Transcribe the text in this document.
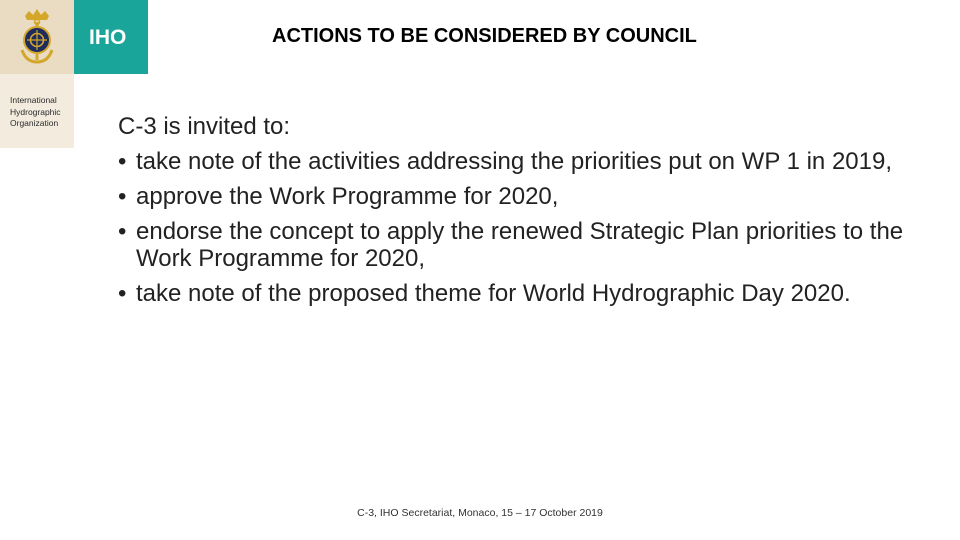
IHO
International
Hydrographic
Organization
ACTIONS TO BE CONSIDERED BY COUNCIL
C-3 is invited to:
• take note of the activities addressing the priorities put on WP 1 in 2019,
• approve the Work Programme for 2020,
• endorse the concept to apply the renewed Strategic Plan priorities to the Work Programme for 2020,
• take note of the proposed theme for World Hydrographic Day 2020.
C-3, IHO Secretariat, Monaco, 15 – 17 October 2019
